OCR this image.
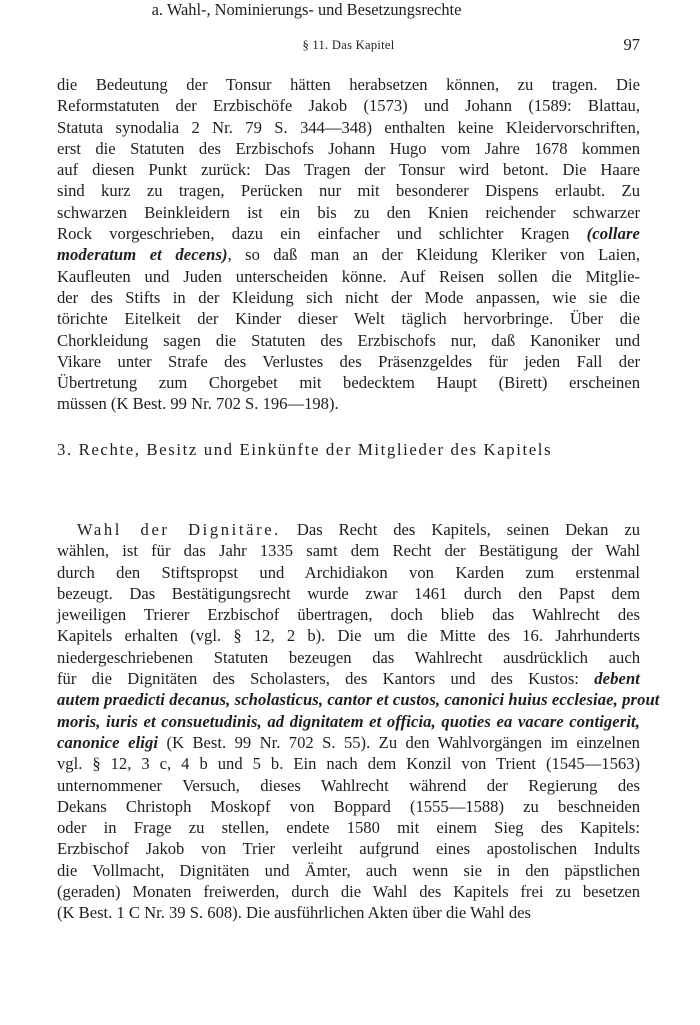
§ 11. Das Kapitel	97
die Bedeutung der Tonsur hätten herabsetzen können, zu tragen. Die
Reformstatuten der Erzbischöfe Jakob (1573) und Johann (1589: Blattau,
Statuta synodalia 2 Nr. 79 S. 344—348) enthalten keine Kleidervorschriften,
erst die Statuten des Erzbischofs Johann Hugo vom Jahre 1678 kommen
auf diesen Punkt zurück: Das Tragen der Tonsur wird betont. Die Haare
sind kurz zu tragen, Perücken nur mit besonderer Dispens erlaubt. Zu
schwarzen Beinkleidern ist ein bis zu den Knien reichender schwarzer
Rock vorgeschrieben, dazu ein einfacher und schlichter Kragen (collare
moderatum et decens), so daß man an der Kleidung Kleriker von Laien,
Kaufleuten und Juden unterscheiden könne. Auf Reisen sollen die Mitglie-
der des Stifts in der Kleidung sich nicht der Mode anpassen, wie sie die
törichte Eitelkeit der Kinder dieser Welt täglich hervorbringe. Über die
Chorkleidung sagen die Statuten des Erzbischofs nur, daß Kanoniker und
Vikare unter Strafe des Verlustes des Präsenzgeldes für jeden Fall der
Übertretung zum Chorgebet mit bedecktem Haupt (Birett) erscheinen
müssen (K Best. 99 Nr. 702 S. 196—198).
3. Rechte, Besitz und Einkünfte der Mitglieder des Kapitels
a. Wahl-, Nominierungs- und Besetzungsrechte
Wahl der Dignitäre. Das Recht des Kapitels, seinen Dekan zu
wählen, ist für das Jahr 1335 samt dem Recht der Bestätigung der Wahl
durch den Stiftspropst und Archidiakon von Karden zum erstenmal
bezeugt. Das Bestätigungsrecht wurde zwar 1461 durch den Papst dem
jeweiligen Trierer Erzbischof übertragen, doch blieb das Wahlrecht des
Kapitels erhalten (vgl. § 12, 2 b). Die um die Mitte des 16. Jahrhunderts
niedergeschriebenen Statuten bezeugen das Wahlrecht ausdrücklich auch
für die Dignitäten des Scholasters, des Kantors und des Kustos: debent
autem praedicti decanus, scholasticus, cantor et custos, canonici huius ecclesiae, prout
moris, iuris et consuetudinis, ad dignitatem et officia, quoties ea vacare contigerit,
canonice eligi (K Best. 99 Nr. 702 S. 55). Zu den Wahlvorgängen im einzelnen
vgl. § 12, 3 c, 4 b und 5 b. Ein nach dem Konzil von Trient (1545—1563)
unternommener Versuch, dieses Wahlrecht während der Regierung des
Dekans Christoph Moskopf von Boppard (1555—1588) zu beschneiden
oder in Frage zu stellen, endete 1580 mit einem Sieg des Kapitels:
Erzbischof Jakob von Trier verleiht aufgrund eines apostolischen Indults
die Vollmacht, Dignitäten und Ämter, auch wenn sie in den päpstlichen
(geraden) Monaten freiwerden, durch die Wahl des Kapitels frei zu besetzen
(K Best. 1 C Nr. 39 S. 608). Die ausführlichen Akten über die Wahl des
